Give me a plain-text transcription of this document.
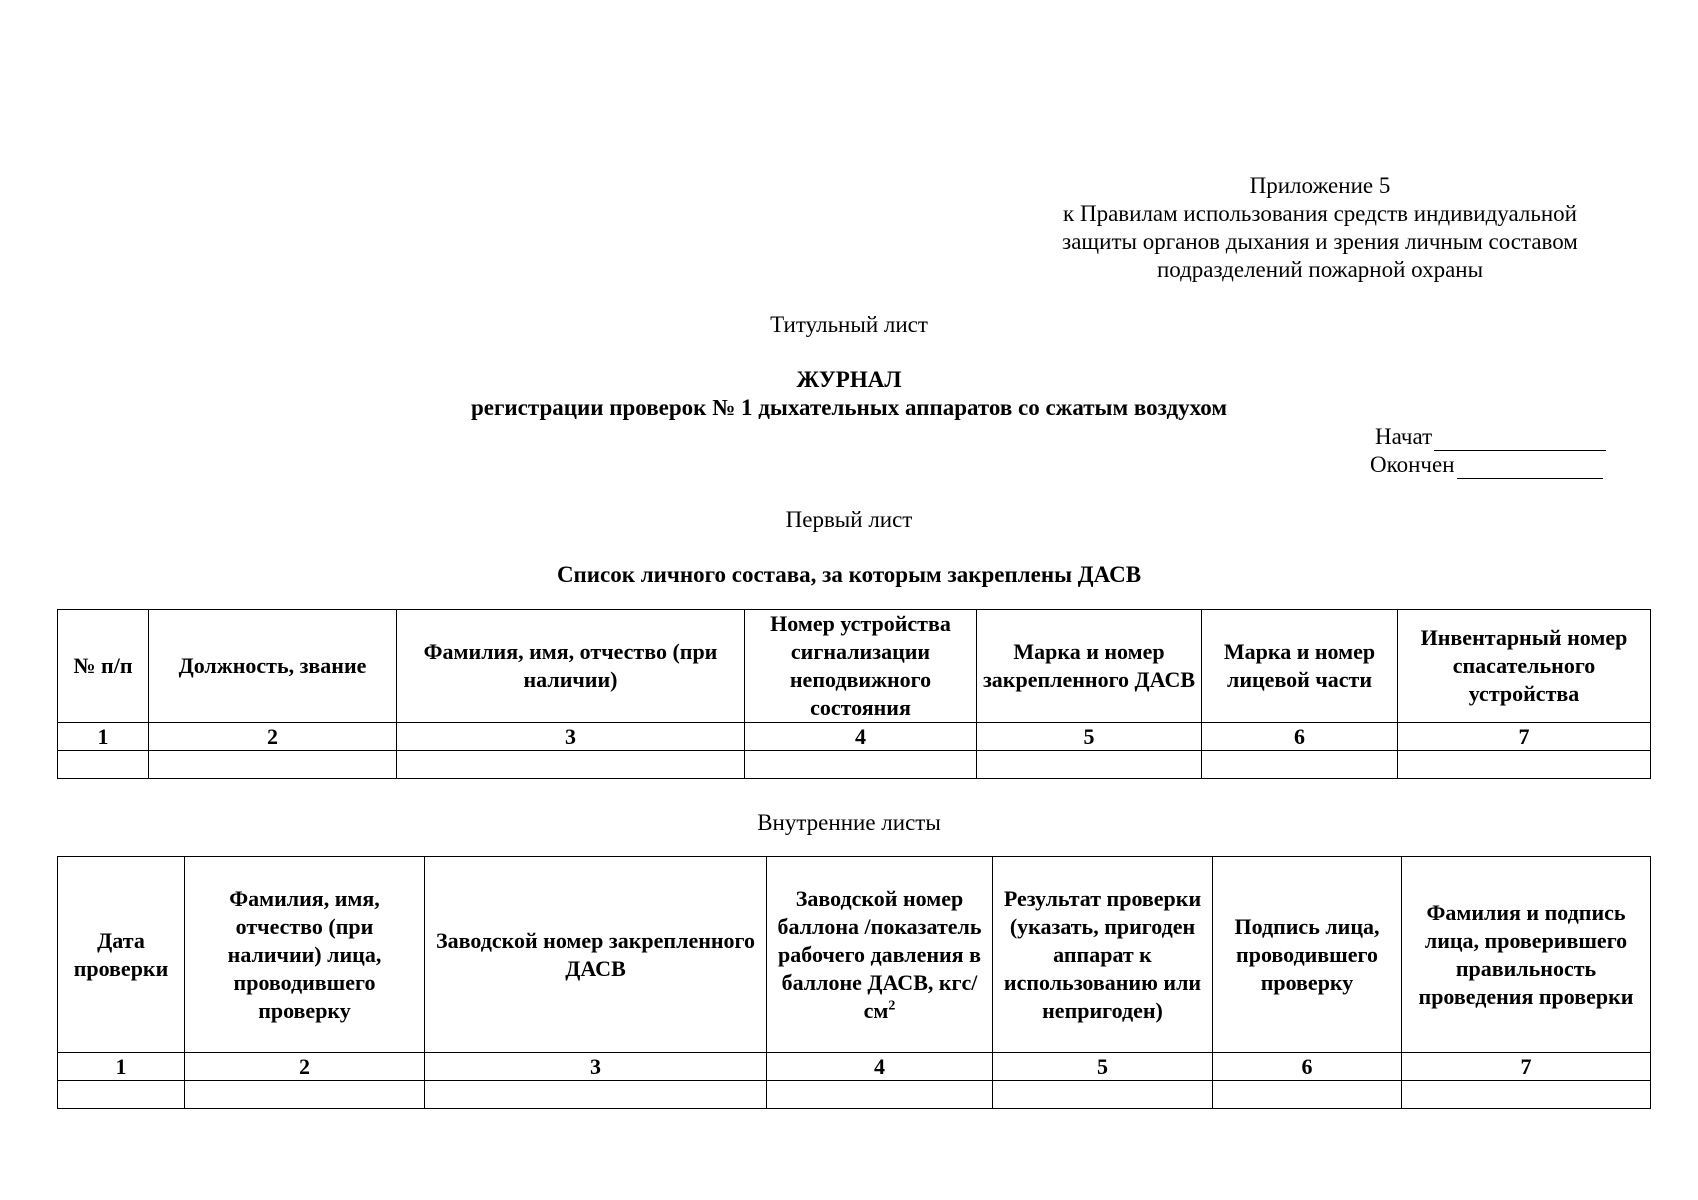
Приложение 5
к Правилам использования средств индивидуальной
защиты органов дыхания и зрения личным составом
подразделений пожарной охраны
Титульный лист
ЖУРНАЛ
регистрации проверок № 1 дыхательных аппаратов со сжатым воздухом
Начат
Окончен
Первый лист
Список личного состава, за которым закреплены ДАСВ
№ п/п	Должность, звание	Фамилия, имя, отчество (при наличии)	Номер устройства сигнализации неподвижного состояния	Марка и номер закрепленного ДАСВ	Марка и номер лицевой части	Инвентарный номер спасательного устройства
1	2	3	4	5	6	7

Внутренние листы
Дата проверки	Фамилия, имя, отчество (при наличии) лица, проводившего проверку	Заводской номер закрепленного ДАСВ	Заводской номер баллона /показатель рабочего давления в баллоне ДАСВ, кгс/$см^2$	Результат проверки (указать, пригоден аппарат к использованию или непригоден)	Подпись лица, проводившего проверку	Фамилия и подпись лица, проверившего правильность проведения проверки
1	2	3	4	5	6	7
